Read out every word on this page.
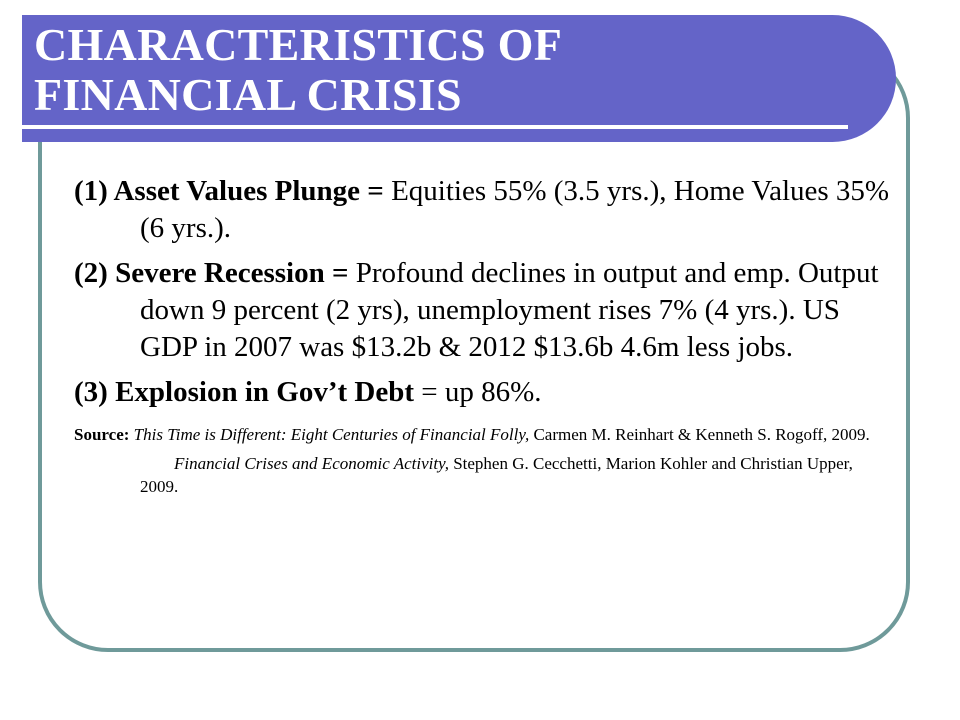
CHARACTERISTICS OF
FINANCIAL CRISIS

(1) Asset Values Plunge = Equities 55% (3.5 yrs.), Home Values 35% (6 yrs.).

(2) Severe Recession = Profound declines in output and emp. Output down 9 percent (2 yrs), unemployment rises 7% (4 yrs.). US GDP in 2007 was $13.2b & 2012 $13.6b 4.6m less jobs.

(3) Explosion in Gov’t Debt = up 86%.

Source: This Time is Different: Eight Centuries of Financial Folly, Carmen M. Reinhart & Kenneth S. Rogoff, 2009.

Financial Crises and Economic Activity, Stephen G. Cecchetti, Marion Kohler and Christian Upper, 2009.
